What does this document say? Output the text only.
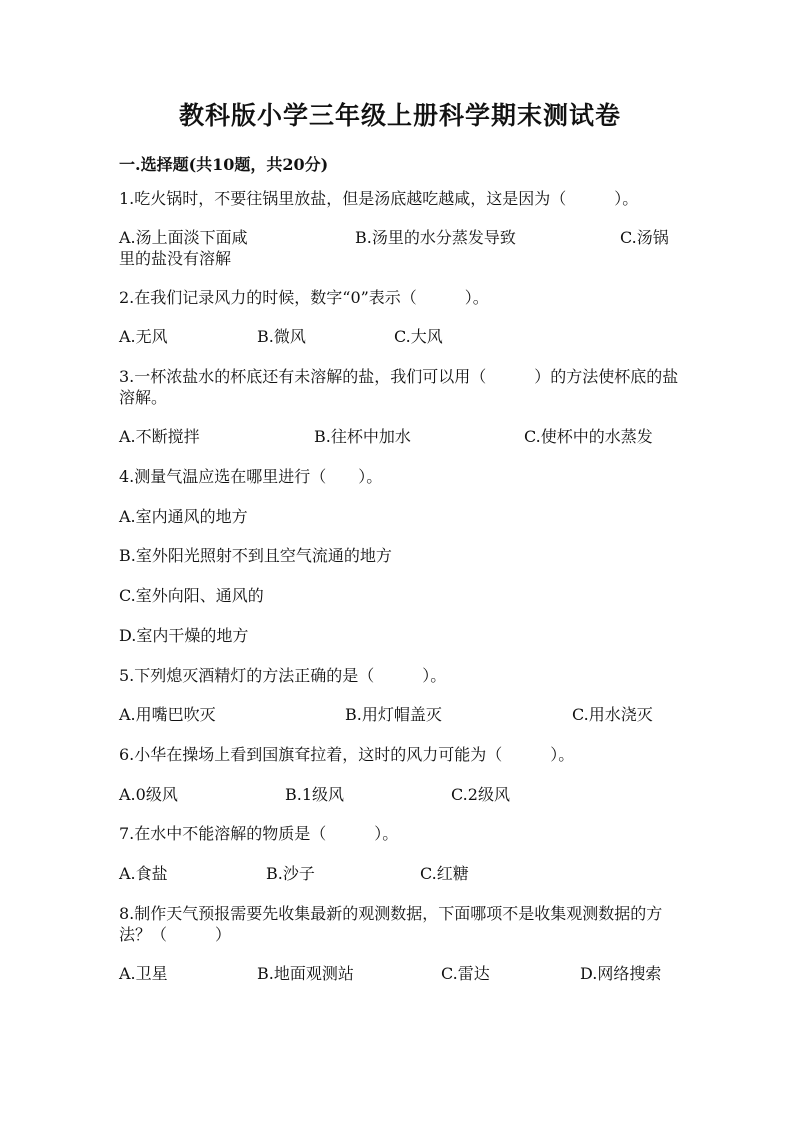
教科版小学三年级上册科学期末测试卷
一.选择题(共10题，共20分)
1.吃火锅时，不要往锅里放盐，但是汤底越吃越咸，这是因为（　　　）。
A.汤上面淡下面咸	B.汤里的水分蒸发导致	C.汤锅
里的盐没有溶解
2.在我们记录风力的时候，数字“0”表示（　　　）。
A.无风	B.微风	C.大风
3.一杯浓盐水的杯底还有未溶解的盐，我们可以用（　　　）的方法使杯底的盐
溶解。
A.不断搅拌	B.往杯中加水	C.使杯中的水蒸发
4.测量气温应选在哪里进行（　　）。
A.室内通风的地方
B.室外阳光照射不到且空气流通的地方
C.室外向阳、通风的
D.室内干燥的地方
5.下列熄灭酒精灯的方法正确的是（　　　）。
A.用嘴巴吹灭	B.用灯帽盖灭	C.用水浇灭
6.小华在操场上看到国旗耷拉着，这时的风力可能为（　　　）。
A.0级风	B.1级风	C.2级风
7.在水中不能溶解的物质是（　　　）。
A.食盐	B.沙子	C.红糖
8.制作天气预报需要先收集最新的观测数据，下面哪项不是收集观测数据的方
法？（　　　）
A.卫星	B.地面观测站	C.雷达	D.网络搜索
